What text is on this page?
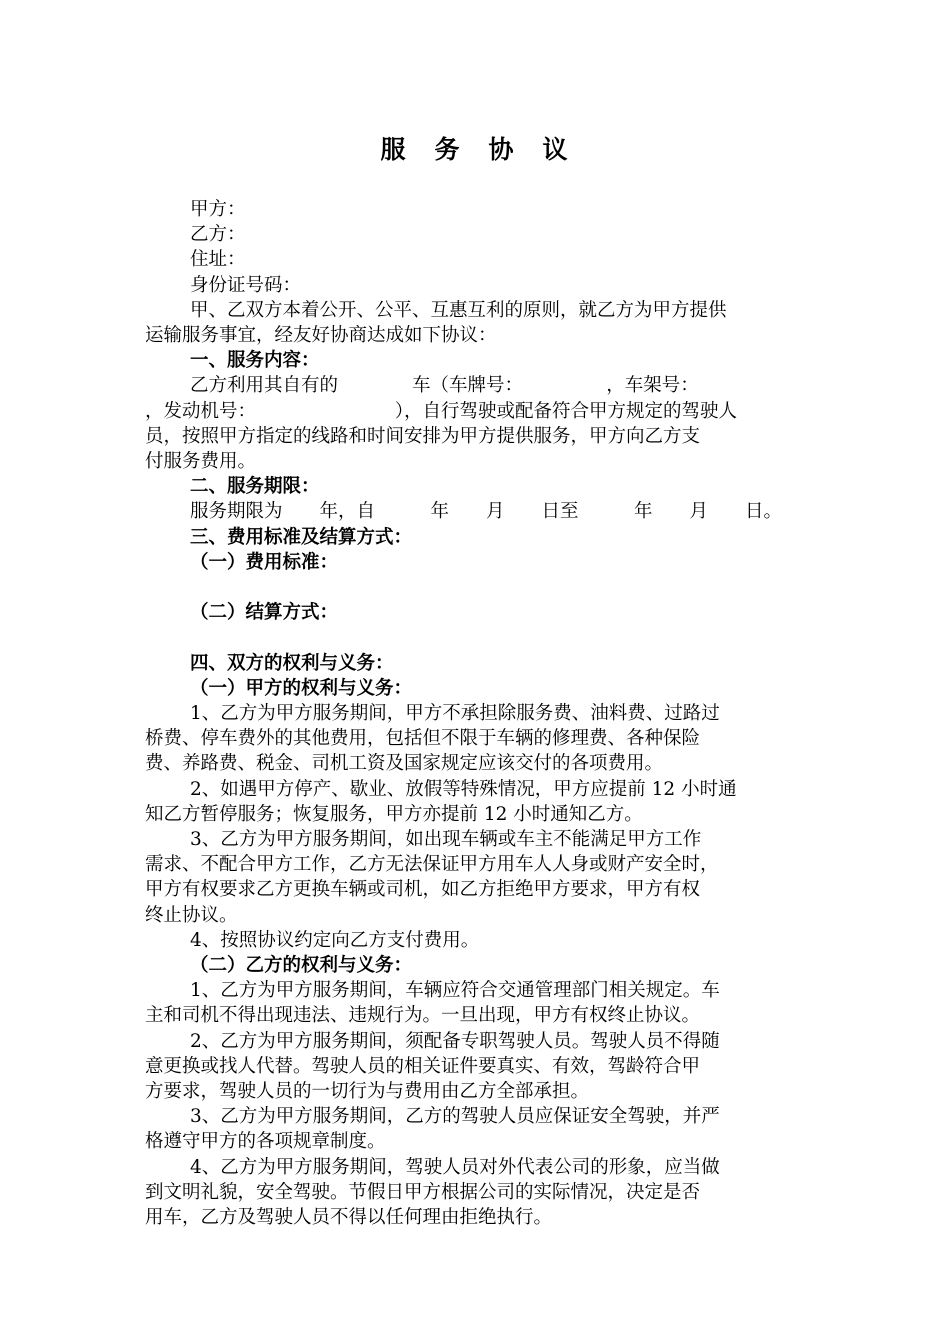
服　务　协　议

甲方：

乙方：

住址：

身份证号码：

甲、乙双方本着公开、公平、互惠互利的原则，就乙方为甲方提供

运输服务事宜，经友好协商达成如下协议：

一、服务内容：

乙方利用其自有的　　　　车（车牌号：　　　　　，车架号：

，发动机号：　　　　　　　　），自行驾驶或配备符合甲方规定的驾驶人

员，按照甲方指定的线路和时间安排为甲方提供服务，甲方向乙方支

付服务费用。

二、服务期限：

服务期限为　　年，自　　　年　　月　　日至　　　年　　月　　日。

三、费用标准及结算方式：

（一）费用标准：

（二）结算方式：

四、双方的权利与义务：

（一）甲方的权利与义务：

1、乙方为甲方服务期间，甲方不承担除服务费、油料费、过路过

桥费、停车费外的其他费用，包括但不限于车辆的修理费、各种保险

费、养路费、税金、司机工资及国家规定应该交付的各项费用。

2、如遇甲方停产、歇业、放假等特殊情况，甲方应提前 12 小时通

知乙方暂停服务；恢复服务，甲方亦提前 12 小时通知乙方。

3、乙方为甲方服务期间，如出现车辆或车主不能满足甲方工作

需求、不配合甲方工作，乙方无法保证甲方用车人人身或财产安全时，

甲方有权要求乙方更换车辆或司机，如乙方拒绝甲方要求，甲方有权

终止协议。

4、按照协议约定向乙方支付费用。

（二）乙方的权利与义务：

1、乙方为甲方服务期间，车辆应符合交通管理部门相关规定。车

主和司机不得出现违法、违规行为。一旦出现，甲方有权终止协议。

2、乙方为甲方服务期间，须配备专职驾驶人员。驾驶人员不得随

意更换或找人代替。驾驶人员的相关证件要真实、有效，驾龄符合甲

方要求，驾驶人员的一切行为与费用由乙方全部承担。

3、乙方为甲方服务期间，乙方的驾驶人员应保证安全驾驶，并严

格遵守甲方的各项规章制度。

4、乙方为甲方服务期间，驾驶人员对外代表公司的形象，应当做

到文明礼貌，安全驾驶。节假日甲方根据公司的实际情况，决定是否

用车，乙方及驾驶人员不得以任何理由拒绝执行。
